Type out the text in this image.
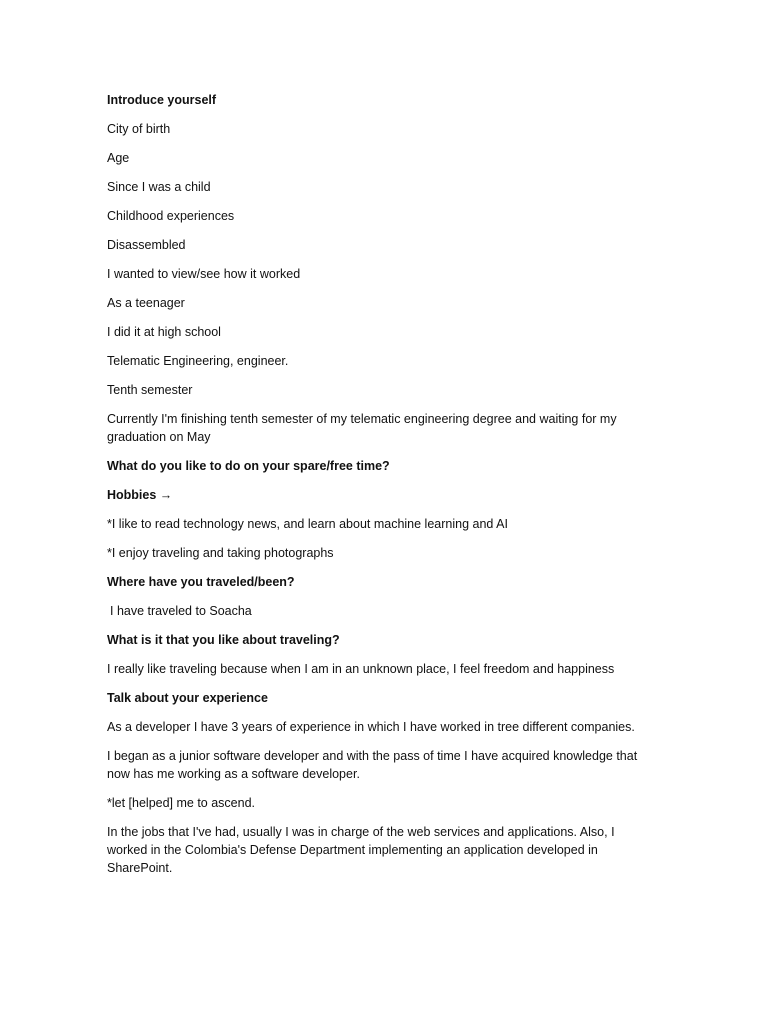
Introduce yourself

City of birth

Age

Since I was a child

Childhood experiences

Disassembled

I wanted to view/see how it worked

As a teenager

I did it at high school

Telematic Engineering, engineer.

Tenth semester

Currently I'm finishing tenth semester of my telematic engineering degree and waiting for my graduation on May

What do you like to do on your spare/free time?

Hobbies →

*I like to read technology news, and learn about machine learning and AI

*I enjoy traveling and taking photographs

Where have you traveled/been?

I have traveled to Soacha

What is it that you like about traveling?

I really like traveling because when I am in an unknown place, I feel freedom and happiness

Talk about your experience

As a developer I have 3 years of experience in which I have worked in tree different companies.

I began as a junior software developer and with the pass of time I have acquired knowledge that now has me working as a software developer.

*let [helped] me to ascend.

In the jobs that I've had, usually I was in charge of the web services and applications. Also, I worked in the Colombia's Defense Department implementing an application developed in SharePoint.
